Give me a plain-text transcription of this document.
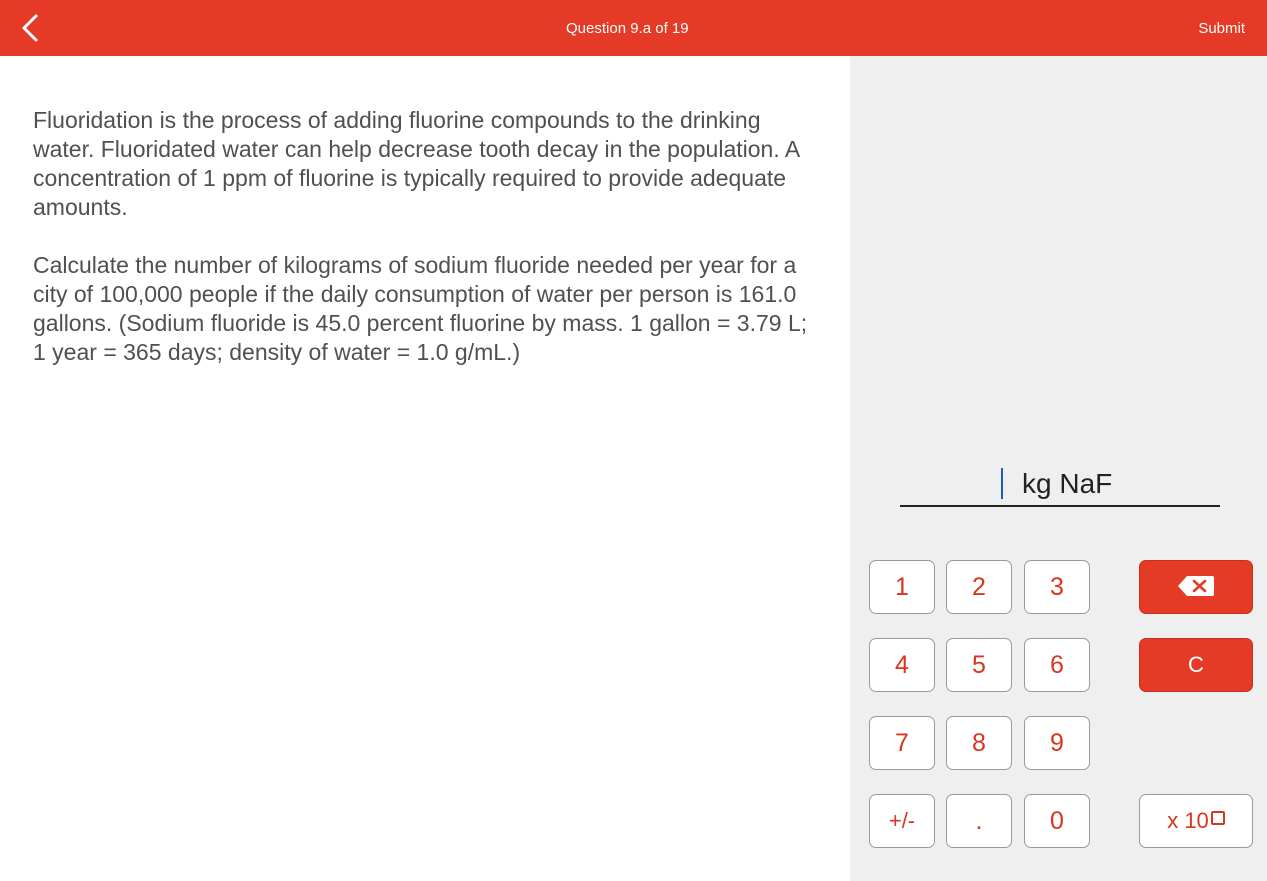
Question 9.a of 19	Submit

Fluoridation is the process of adding fluorine compounds to the drinking water. Fluoridated water can help decrease tooth decay in the population. A concentration of 1 ppm of fluorine is typically required to provide adequate amounts.

Calculate the number of kilograms of sodium fluoride needed per year for a city of 100,000 people if the daily consumption of water per person is 161.0 gallons. (Sodium fluoride is 45.0 percent fluorine by mass. 1 gallon = 3.79 L; 1 year = 365 days; density of water = 1.0 g/mL.)

kg NaF
1	2	3
4	5	6	C
7	8	9
+/-	.	0	x 10
